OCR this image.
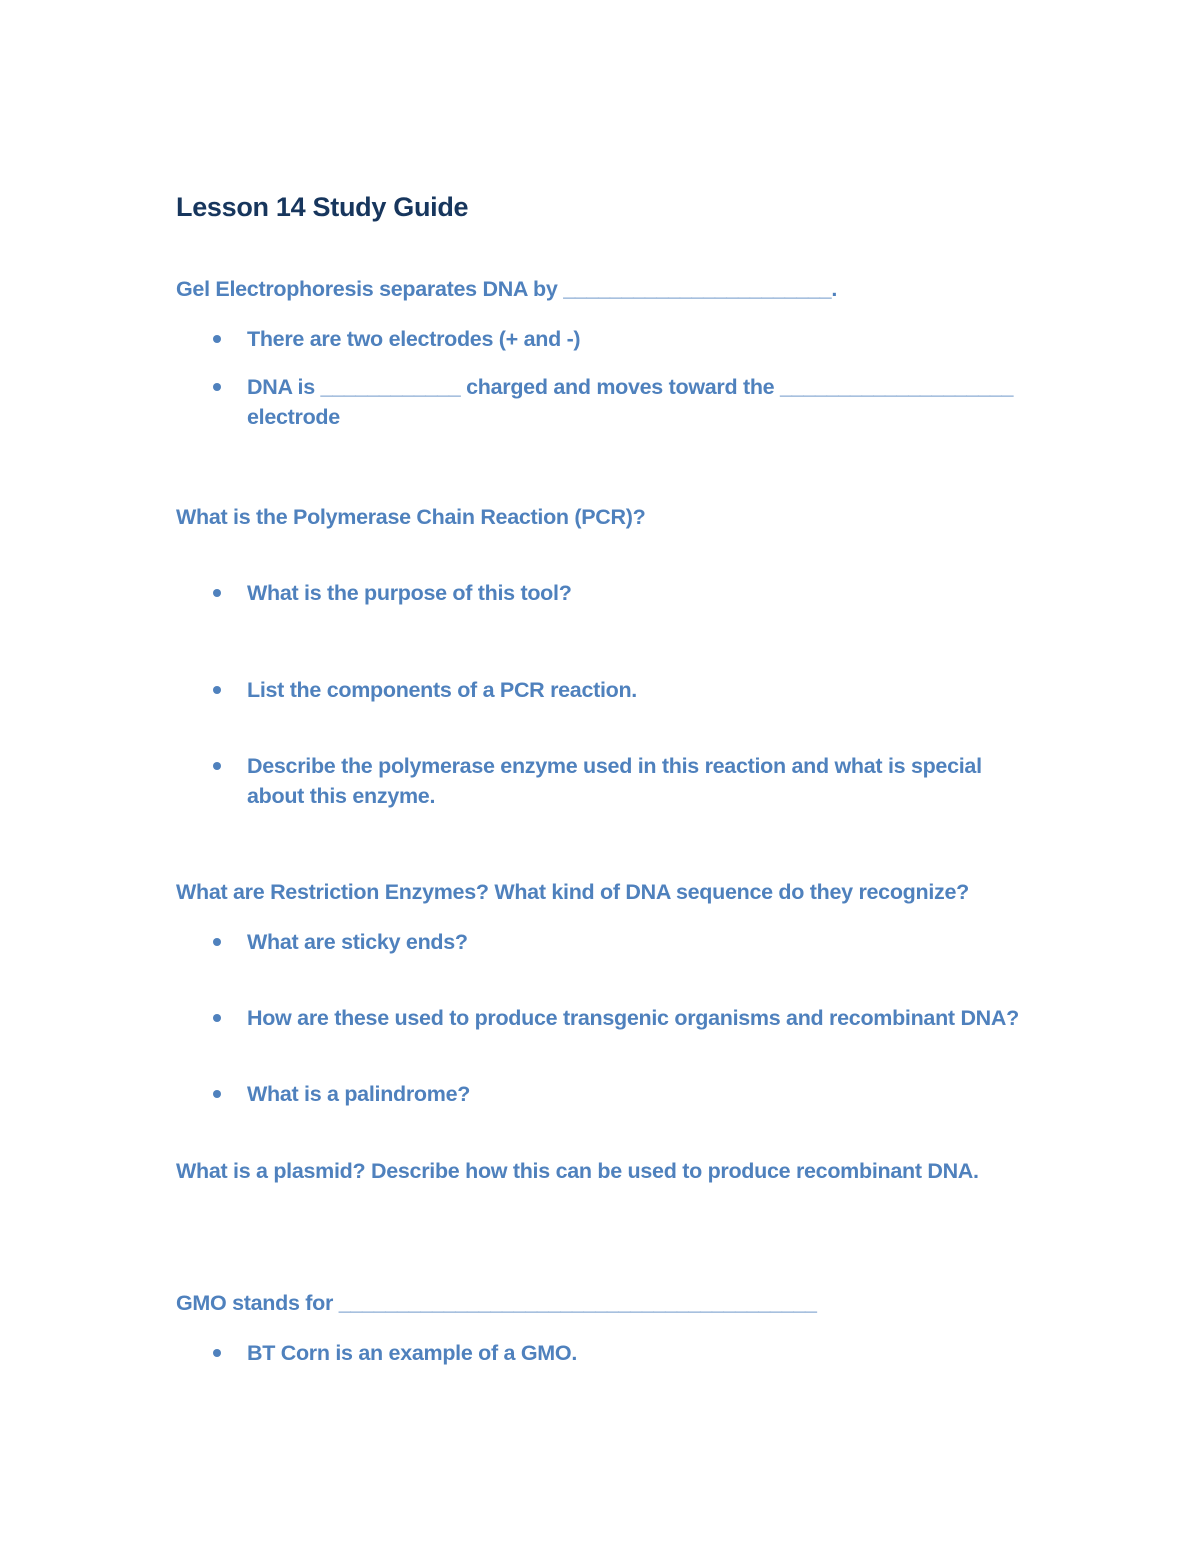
Lesson 14 Study Guide
Gel Electrophoresis separates DNA by _______________________.
There are two electrodes (+ and -)
DNA is ____________ charged and moves toward the ____________________ electrode
What is the Polymerase Chain Reaction (PCR)?
What is the purpose of this tool?
List the components of a PCR reaction.
Describe the polymerase enzyme used in this reaction and what is special about this enzyme.
What are Restriction Enzymes? What kind of DNA sequence do they recognize?
What are sticky ends?
How are these used to produce transgenic organisms and recombinant DNA?
What is a palindrome?
What is a plasmid? Describe how this can be used to produce recombinant DNA.
GMO stands for _________________________________________
BT Corn is an example of a GMO.
